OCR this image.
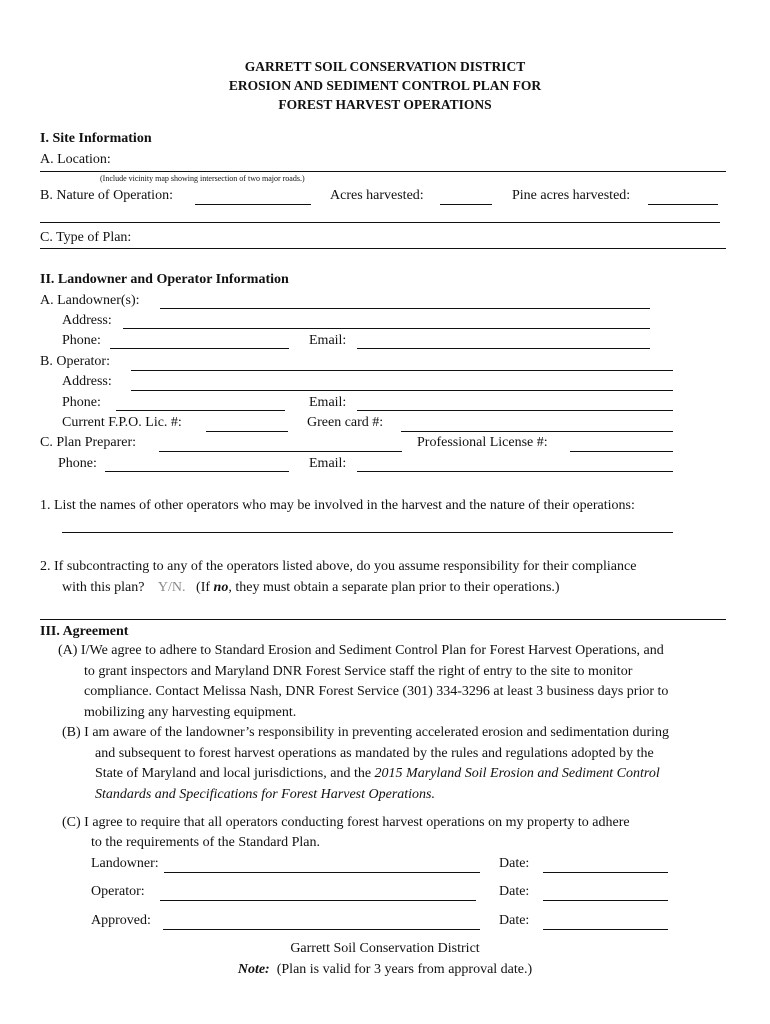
GARRETT SOIL CONSERVATION DISTRICT
EROSION AND SEDIMENT CONTROL PLAN FOR
FOREST HARVEST OPERATIONS
I. Site Information
A. Location:
(Include vicinity map showing intersection of two major roads.)
B. Nature of Operation:	Acres harvested:	Pine acres harvested:
C. Type of Plan:
II. Landowner and Operator Information
A. Landowner(s):
Address:
Phone:	Email:
B. Operator:
Address:
Phone:	Email:
Current F.P.O. Lic. #:	Green card #:
C. Plan Preparer:	Professional License #:
Phone:	Email:
1. List the names of other operators who may be involved in the harvest and the nature of their operations:
2. If subcontracting to any of the operators listed above, do you assume responsibility for their compliance
with this plan? Y/N. (If no, they must obtain a separate plan prior to their operations.)
III. Agreement
(A) I/We agree to adhere to Standard Erosion and Sediment Control Plan for Forest Harvest Operations, and
to grant inspectors and Maryland DNR Forest Service staff the right of entry to the site to monitor
compliance. Contact Melissa Nash, DNR Forest Service (301) 334-3296 at least 3 business days prior to
mobilizing any harvesting equipment.
(B) I am aware of the landowner’s responsibility in preventing accelerated erosion and sedimentation during
and subsequent to forest harvest operations as mandated by the rules and regulations adopted by the
State of Maryland and local jurisdictions, and the 2015 Maryland Soil Erosion and Sediment Control
Standards and Specifications for Forest Harvest Operations.
(C) I agree to require that all operators conducting forest harvest operations on my property to adhere
to the requirements of the Standard Plan.
Landowner:	Date:
Operator:	Date:
Approved:	Date:
Garrett Soil Conservation District
Note: (Plan is valid for 3 years from approval date.)
